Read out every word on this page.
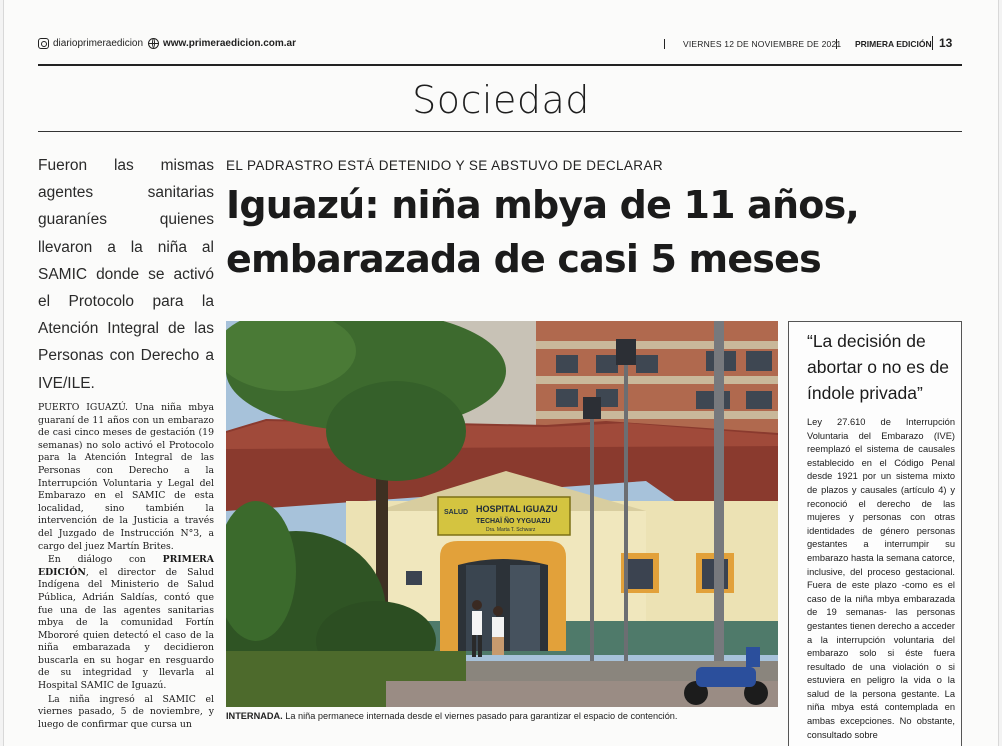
diarioprimeraedicion www.primeraedicion.com.ar	VIERNES 12 DE NOVIEMBRE DE 2021	PRIMERA EDICIÓN 13
Sociedad
Fueron las mismas agentes sanitarias guaraníes quienes llevaron a la niña al SAMIC donde se activó el Protocolo para la Atención Integral de las Personas con Derecho a IVE/ILE.

PUERTO IGUAZÚ. Una niña mbya guaraní de 11 años con un embarazo de casi cinco meses de gestación (19 semanas) no solo activó el Protocolo para la Atención Integral de las Personas con Derecho a la Interrupción Voluntaria y Legal del Embarazo en el SAMIC de esta localidad, sino también la intervención de la Justicia a través del Juzgado de Instrucción N°3, a cargo del juez Martín Brites.

En diálogo con PRIMERA EDICIÓN, el director de Salud Indígena del Ministerio de Salud Pública, Adrián Saldías, contó que fue una de las agentes sanitarias mbya de la comunidad Fortín Mbororé quien detectó el caso de la niña embarazada y decidieron buscarla en su hogar en resguardo de su integridad y llevarla al Hospital SAMIC de Iguazú.

La niña ingresó al SAMIC el viernes pasado, 5 de noviembre, y luego de confirmar que cursa un

EL PADRASTRO ESTÁ DETENIDO Y SE ABSTUVO DE DECLARAR
Iguazú: niña mbya de 11 años,
embarazada de casi 5 meses
SALUD HOSPITAL IGUAZU
TECHAÏ ÑO YYGUAZU
Dra. Marta T. Schwarz
INTERNADA. La niña permanece internada desde el viernes pasado para garantizar el espacio de contención.
“La decisión de abortar o no es de índole privada”
Ley 27.610 de Interrupción Voluntaria del Embarazo (IVE) reemplazó el sistema de causales establecido en el Código Penal desde 1921 por un sistema mixto de plazos y causales (artículo 4) y reconoció el derecho de las mujeres y personas con otras identidades de género personas gestantes a interrumpir su embarazo hasta la semana catorce, inclusive, del proceso gestacional. Fuera de este plazo -como es el caso de la niña mbya embarazada de 19 semanas- las personas gestantes tienen derecho a acceder a la interrupción voluntaria del embarazo solo si éste fuera resultado de una violación o si estuviera en peligro la vida o la salud de la persona gestante. La niña mbya está contemplada en ambas excepciones. No obstante, consultado sobre
